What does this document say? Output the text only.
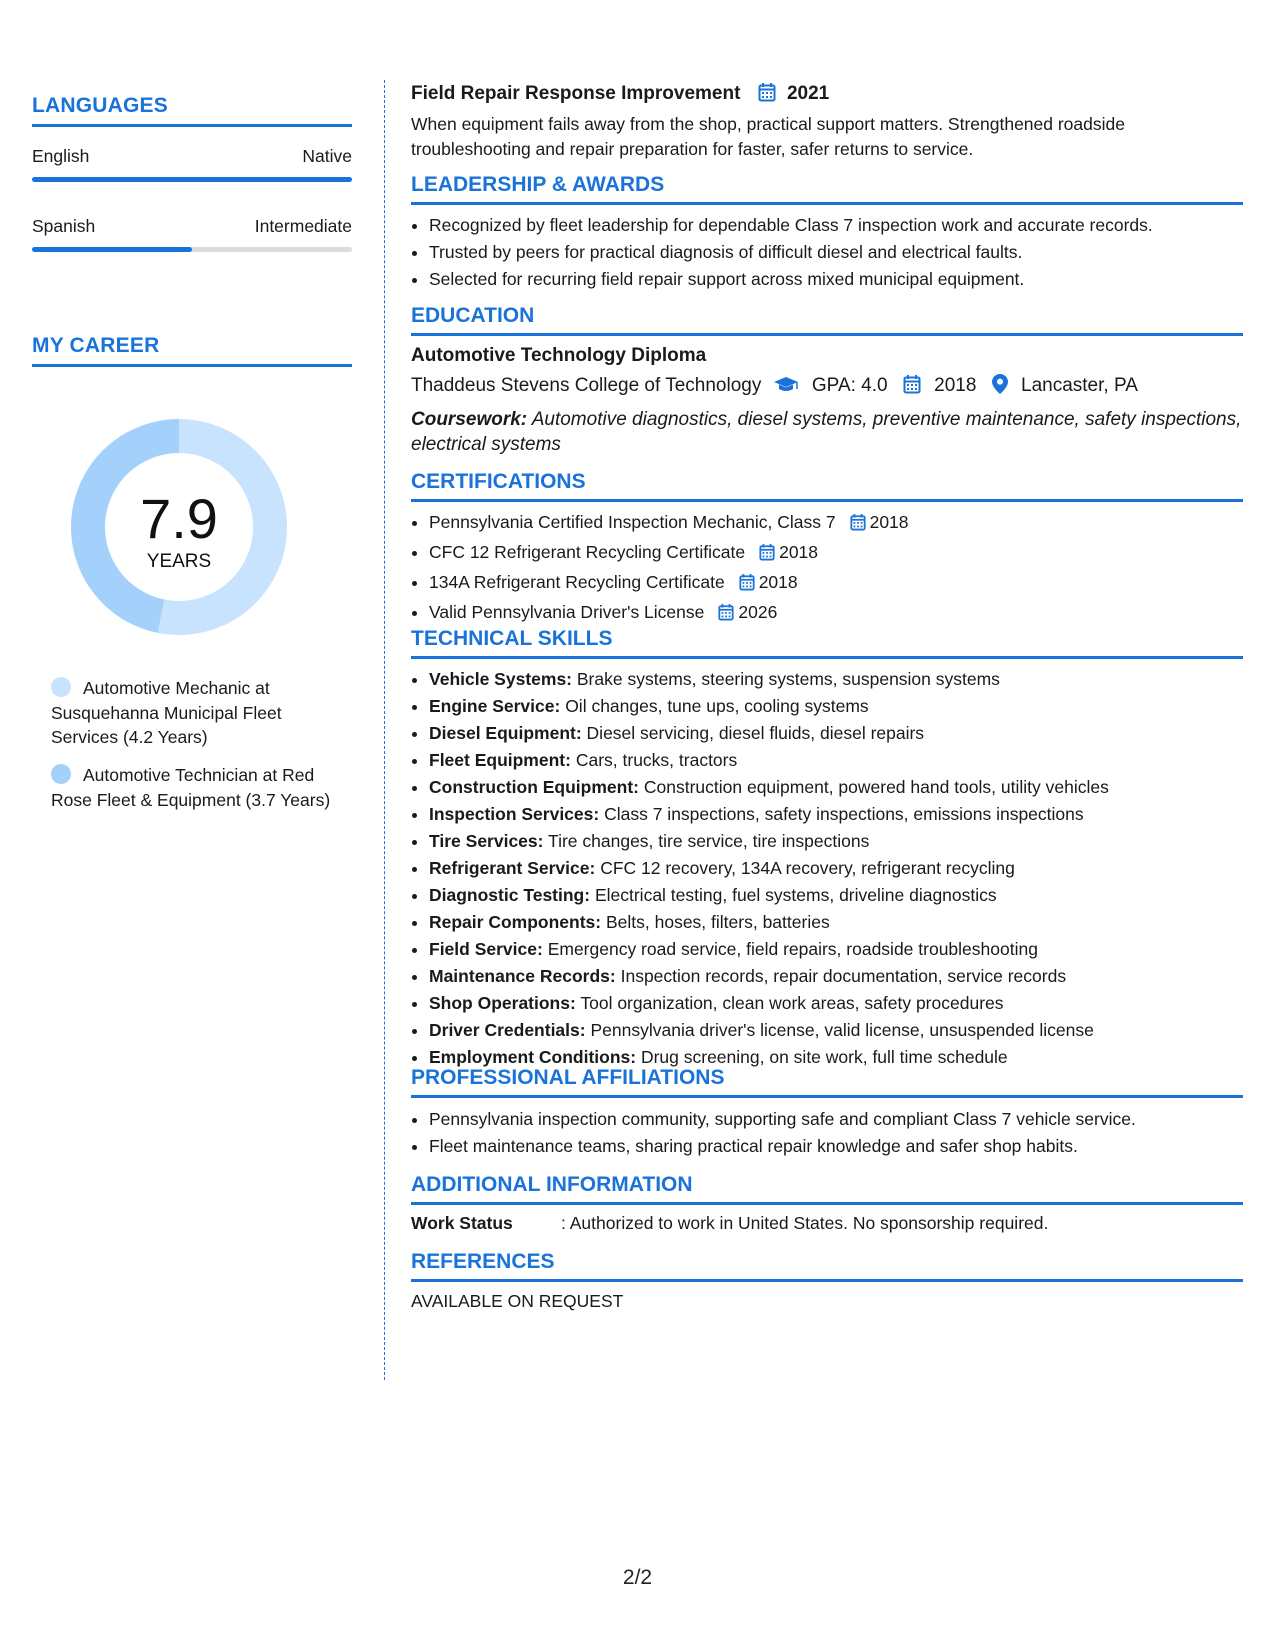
LANGUAGES
English	Native
Spanish	Intermediate
MY CAREER
7.9
YEARS
Automotive Mechanic at Susquehanna Municipal Fleet Services (4.2 Years)
Automotive Technician at Red Rose Fleet & Equipment (3.7 Years)
Field Repair Response Improvement 2021
When equipment fails away from the shop, practical support matters. Strengthened roadside troubleshooting and repair preparation for faster, safer returns to service.
LEADERSHIP & AWARDS
• Recognized by fleet leadership for dependable Class 7 inspection work and accurate records.
• Trusted by peers for practical diagnosis of difficult diesel and electrical faults.
• Selected for recurring field repair support across mixed municipal equipment.
EDUCATION
Automotive Technology Diploma
Thaddeus Stevens College of Technology	GPA: 4.0 2018 Lancaster, PA
Coursework: Automotive diagnostics, diesel systems, preventive maintenance, safety inspections, electrical systems
CERTIFICATIONS
• Pennsylvania Certified Inspection Mechanic, Class 7 2018
• CFC 12 Refrigerant Recycling Certificate 2018
• 134A Refrigerant Recycling Certificate 2018
• Valid Pennsylvania Driver's License 2026
TECHNICAL SKILLS
• Vehicle Systems: Brake systems, steering systems, suspension systems
• Engine Service: Oil changes, tune ups, cooling systems
• Diesel Equipment: Diesel servicing, diesel fluids, diesel repairs
• Fleet Equipment: Cars, trucks, tractors
• Construction Equipment: Construction equipment, powered hand tools, utility vehicles
• Inspection Services: Class 7 inspections, safety inspections, emissions inspections
• Tire Services: Tire changes, tire service, tire inspections
• Refrigerant Service: CFC 12 recovery, 134A recovery, refrigerant recycling
• Diagnostic Testing: Electrical testing, fuel systems, driveline diagnostics
• Repair Components: Belts, hoses, filters, batteries
• Field Service: Emergency road service, field repairs, roadside troubleshooting
• Maintenance Records: Inspection records, repair documentation, service records
• Shop Operations: Tool organization, clean work areas, safety procedures
• Driver Credentials: Pennsylvania driver's license, valid license, unsuspended license
• Employment Conditions: Drug screening, on site work, full time schedule
PROFESSIONAL AFFILIATIONS
• Pennsylvania inspection community, supporting safe and compliant Class 7 vehicle service.
• Fleet maintenance teams, sharing practical repair knowledge and safer shop habits.
ADDITIONAL INFORMATION
Work Status	: Authorized to work in United States. No sponsorship required.
REFERENCES
AVAILABLE ON REQUEST
2/2
